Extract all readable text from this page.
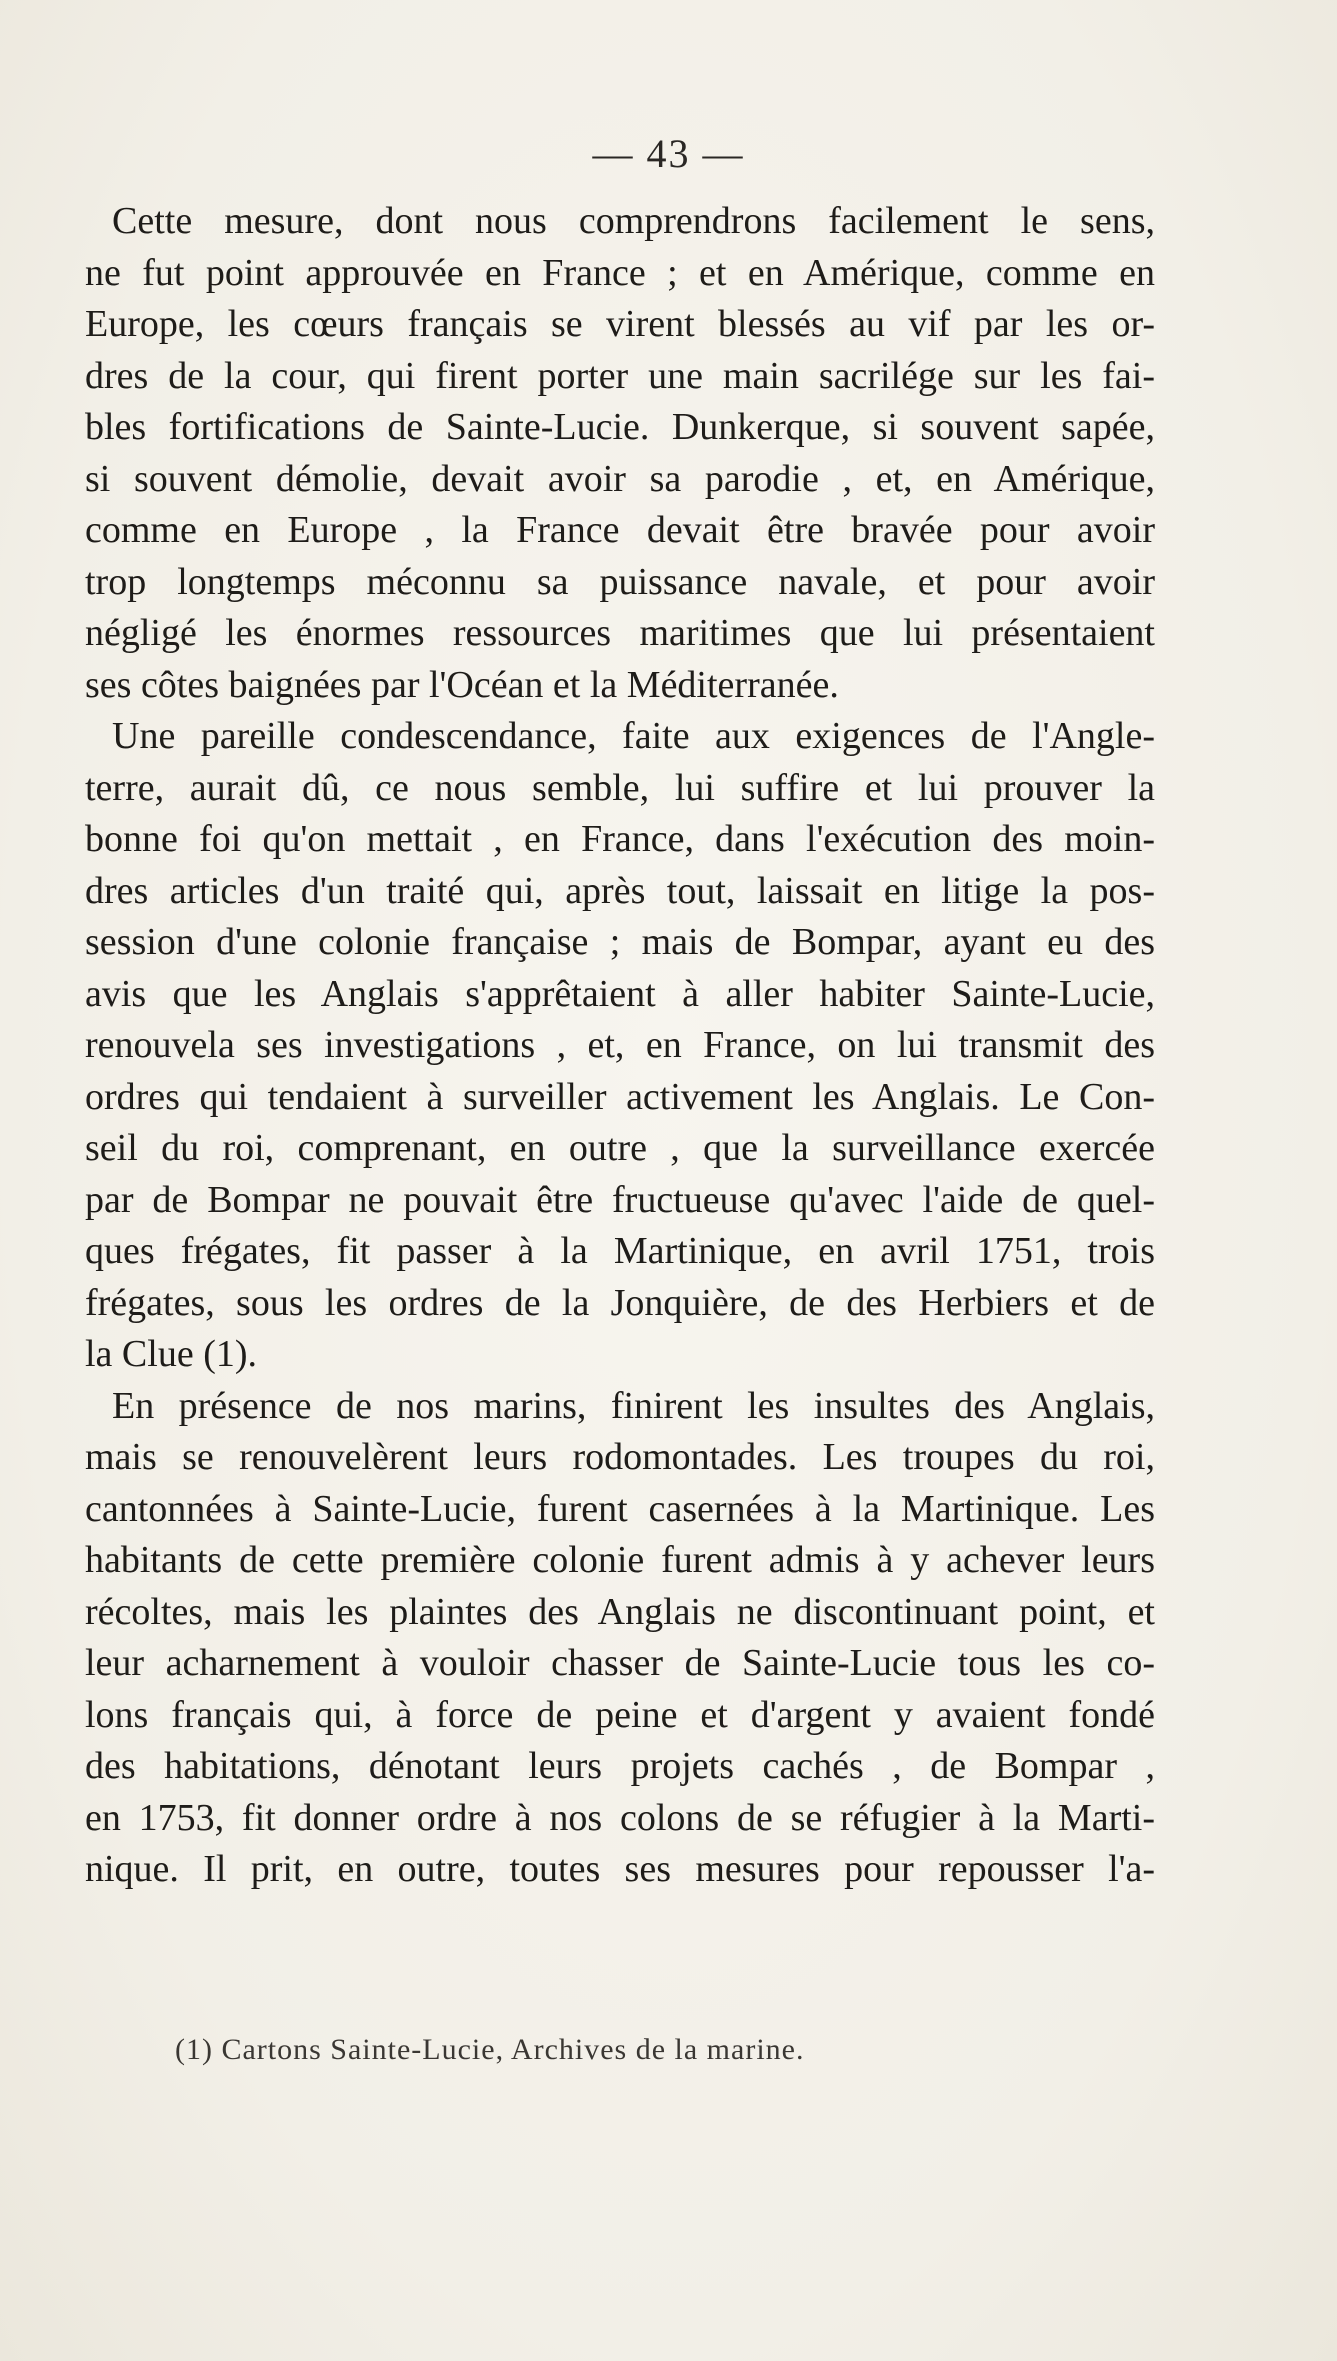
— 43 —
Cette mesure, dont nous comprendrons facilement le sens,
ne fut point approuvée en France ; et en Amérique, comme en
Europe, les cœurs français se virent blessés au vif par les or-
dres de la cour, qui firent porter une main sacrilége sur les fai-
bles fortifications de Sainte-Lucie. Dunkerque, si souvent sapée,
si souvent démolie, devait avoir sa parodie , et, en Amérique,
comme en Europe , la France devait être bravée pour avoir
trop longtemps méconnu sa puissance navale, et pour avoir
négligé les énormes ressources maritimes que lui présentaient
ses côtes baignées par l'Océan et la Méditerranée.
Une pareille condescendance, faite aux exigences de l'Angle-
terre, aurait dû, ce nous semble, lui suffire et lui prouver la
bonne foi qu'on mettait , en France, dans l'exécution des moin-
dres articles d'un traité qui, après tout, laissait en litige la pos-
session d'une colonie française ; mais de Bompar, ayant eu des
avis que les Anglais s'apprêtaient à aller habiter Sainte-Lucie,
renouvela ses investigations , et, en France, on lui transmit des
ordres qui tendaient à surveiller activement les Anglais. Le Con-
seil du roi, comprenant, en outre , que la surveillance exercée
par de Bompar ne pouvait être fructueuse qu'avec l'aide de quel-
ques frégates, fit passer à la Martinique, en avril 1751, trois
frégates, sous les ordres de la Jonquière, de des Herbiers et de
la Clue (1).
En présence de nos marins, finirent les insultes des Anglais,
mais se renouvelèrent leurs rodomontades. Les troupes du roi,
cantonnées à Sainte-Lucie, furent casernées à la Martinique. Les
habitants de cette première colonie furent admis à y achever leurs
récoltes, mais les plaintes des Anglais ne discontinuant point, et
leur acharnement à vouloir chasser de Sainte-Lucie tous les co-
lons français qui, à force de peine et d'argent y avaient fondé
des habitations, dénotant leurs projets cachés , de Bompar ,
en 1753, fit donner ordre à nos colons de se réfugier à la Marti-
nique. Il prit, en outre, toutes ses mesures pour repousser l'a-
(1) Cartons Sainte-Lucie, Archives de la marine.
